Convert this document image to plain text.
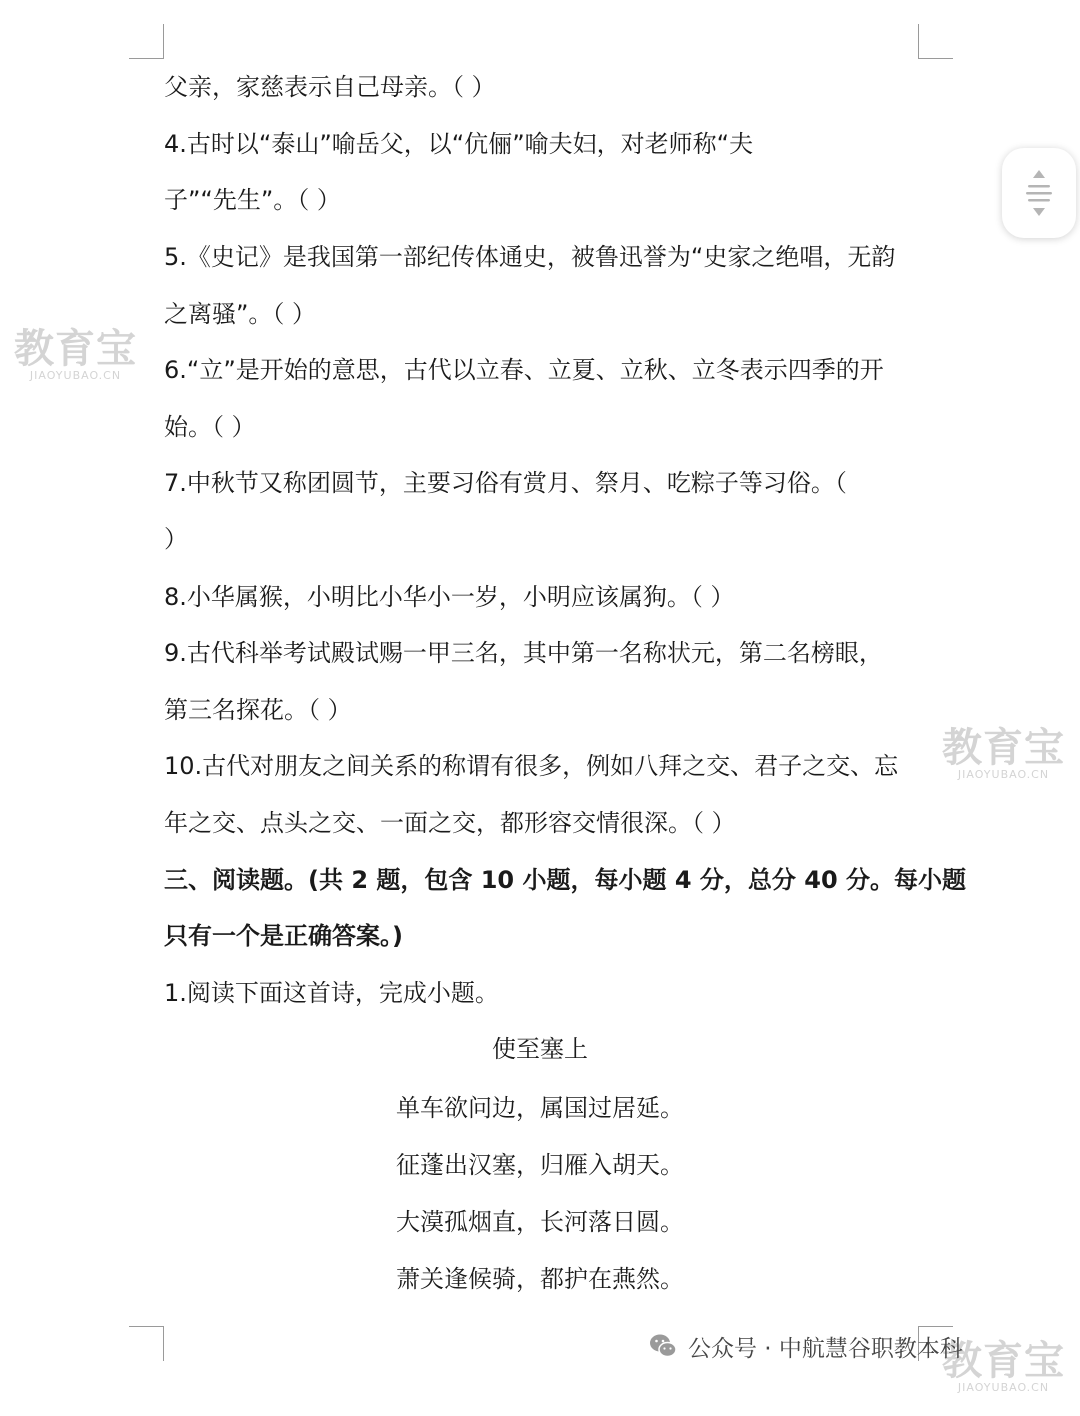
父亲，家慈表示自己母亲。（ ）
4.古时以“泰山”喻岳父，以“伉俪”喻夫妇，对老师称“夫
子”“先生”。（ ）
5.《史记》是我国第一部纪传体通史，被鲁迅誉为“史家之绝唱，无韵
之离骚”。（ ）
6.“立”是开始的意思，古代以立春、立夏、立秋、立冬表示四季的开
始。（ ）
7.中秋节又称团圆节，主要习俗有赏月、祭月、吃粽子等习俗。（
）
8.小华属猴，小明比小华小一岁，小明应该属狗。（ ）
9.古代科举考试殿试赐一甲三名，其中第一名称状元，第二名榜眼，
第三名探花。（ ）
10.古代对朋友之间关系的称谓有很多，例如八拜之交、君子之交、忘
年之交、点头之交、一面之交，都形容交情很深。（ ）
三、阅读题。(共 2 题，包含 10 小题，每小题 4 分，总分 40 分。每小题
只有一个是正确答案。)
1.阅读下面这首诗，完成小题。
使至塞上
单车欲问边，属国过居延。
征蓬出汉塞，归雁入胡天。
大漠孤烟直，长河落日圆。
萧关逢候骑，都护在燕然。
教育宝
JIAOYUBAO.CN
教育宝
JIAOYUBAO.CN
教育宝
JIAOYUBAO.CN
公众号 · 中航慧谷职教本科
